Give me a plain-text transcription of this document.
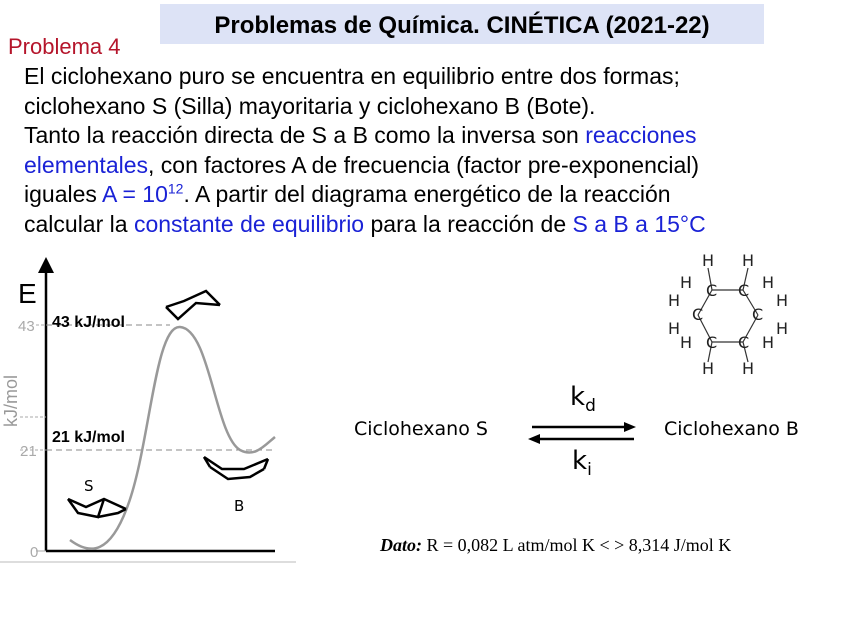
Problemas de Química. CINÉTICA (2021-22)
Problema 4
El ciclohexano puro se encuentra en equilibrio entre dos formas;
ciclohexano S (Silla) mayoritaria y ciclohexano B (Bote).
Tanto la reacción directa de S a B como la inversa son reacciones
elementales, con factores A de frecuencia (factor pre-exponencial)
iguales $A = 10^{12}$. A partir del diagrama energético de la reacción
calcular la constante de equilibrio para la reacción de S a B a 15°C
E
kJ/mol
43
21
0
43 kJ/mol
21 kJ/mol
S
B
H H
H C C H
H	H
C	C
H	H
H C C H
H H
Ciclohexano S	Ciclohexano B
$k_d$
$k_i$
Dato: R = 0,082 L atm/mol K < > 8,314 J/mol K
